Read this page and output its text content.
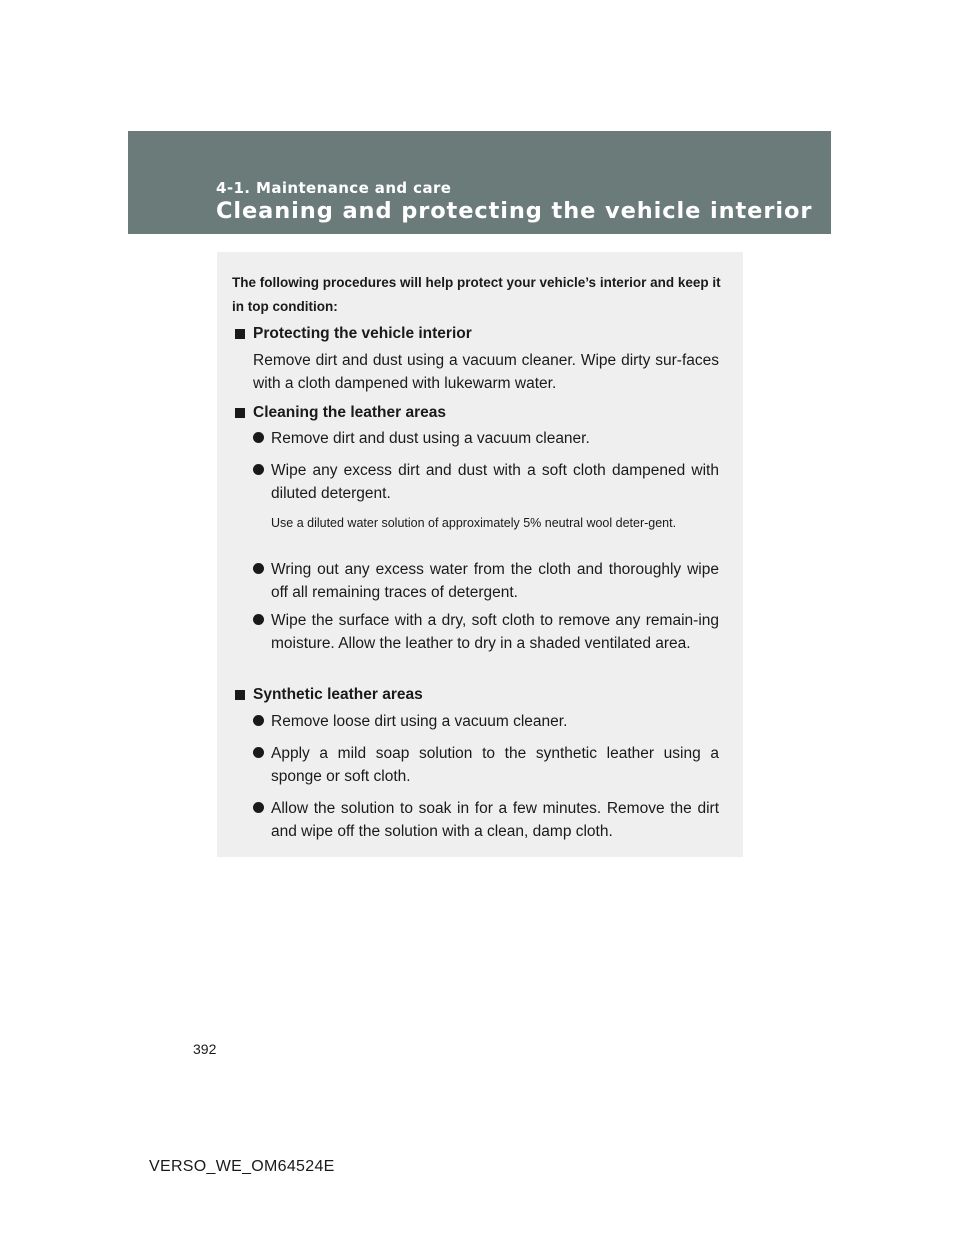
4-1. Maintenance and care
Cleaning and protecting the vehicle interior
The following procedures will help protect your vehicle’s interior and keep it in top condition:
Protecting the vehicle interior
Remove dirt and dust using a vacuum cleaner. Wipe dirty sur-faces with a cloth dampened with lukewarm water.
Cleaning the leather areas
Remove dirt and dust using a vacuum cleaner.
Wipe any excess dirt and dust with a soft cloth dampened with diluted detergent.
Use a diluted water solution of approximately 5% neutral wool deter-gent.
Wring out any excess water from the cloth and thoroughly wipe off all remaining traces of detergent.
Wipe the surface with a dry, soft cloth to remove any remain-ing moisture. Allow the leather to dry in a shaded ventilated area.
Synthetic leather areas
Remove loose dirt using a vacuum cleaner.
Apply a mild soap solution to the synthetic leather using a sponge or soft cloth.
Allow the solution to soak in for a few minutes. Remove the dirt and wipe off the solution with a clean, damp cloth.
392
VERSO_WE_OM64524E
